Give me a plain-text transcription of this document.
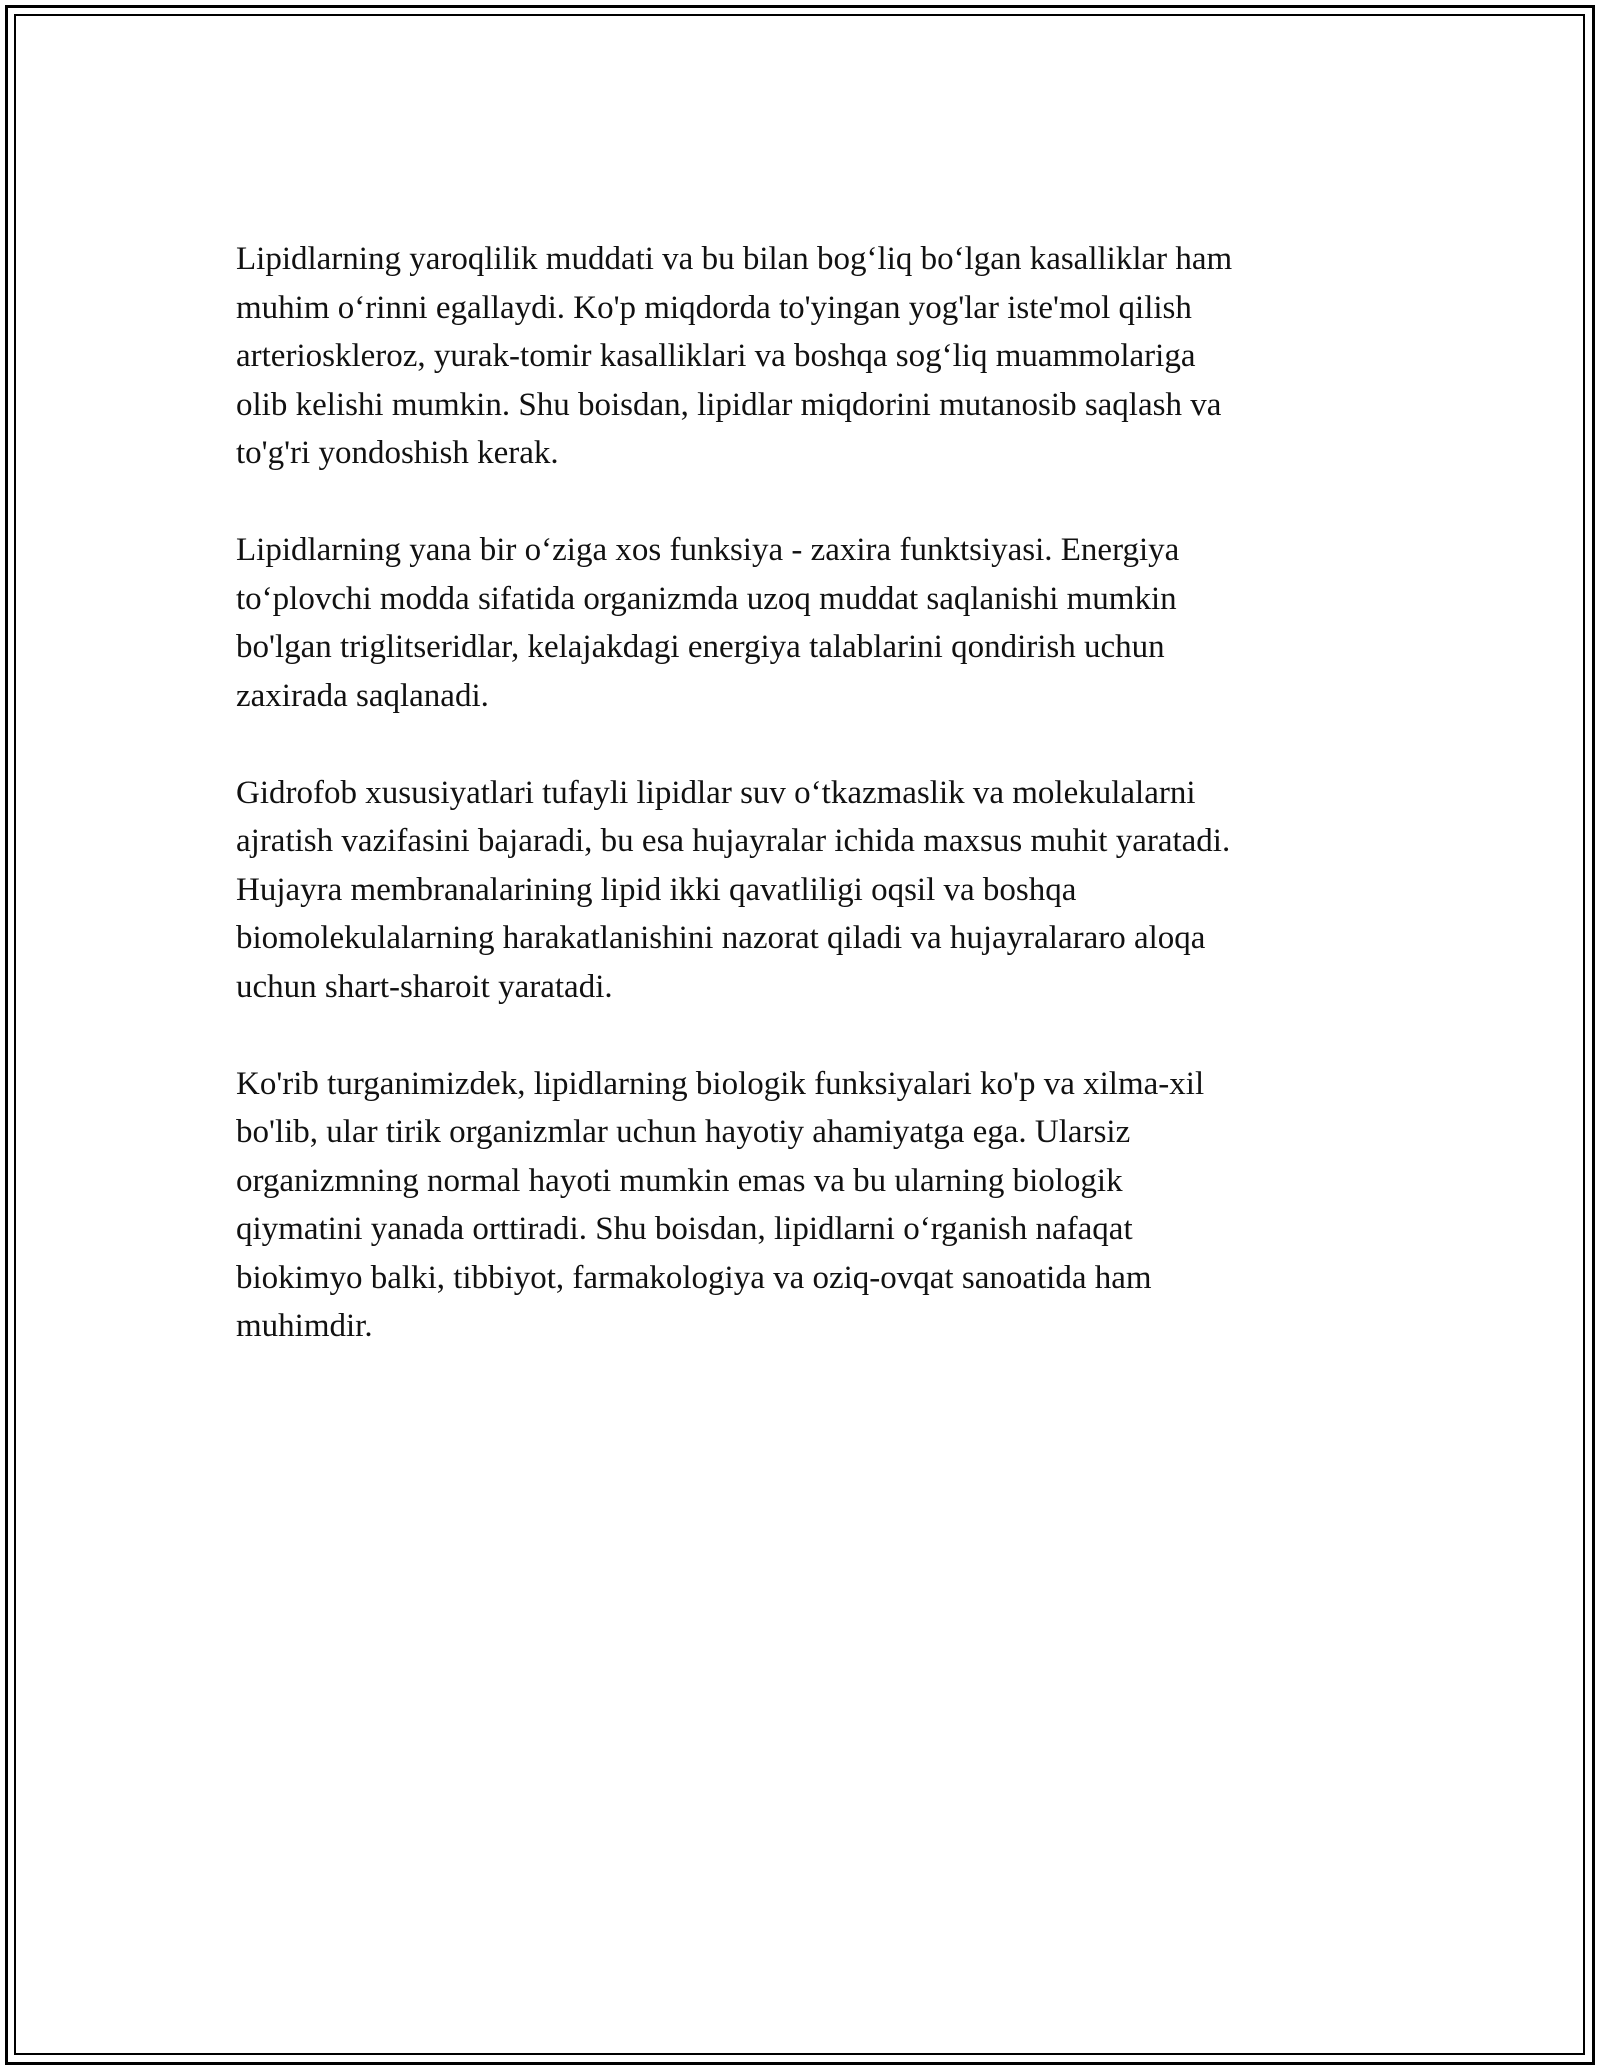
Lipidlarning yaroqlilik muddati va bu bilan bog‘liq bo‘lgan kasalliklar ham
muhim o‘rinni egallaydi. Ko'p miqdorda to'yingan yog'lar iste'mol qilish
arterioskleroz, yurak-tomir kasalliklari va boshqa sog‘liq muammolariga
olib kelishi mumkin. Shu boisdan, lipidlar miqdorini mutanosib saqlash va
to'g'ri yondoshish kerak.

Lipidlarning yana bir o‘ziga xos funksiya - zaxira funktsiyasi. Energiya
to‘plovchi modda sifatida organizmda uzoq muddat saqlanishi mumkin
bo'lgan triglitseridlar, kelajakdagi energiya talablarini qondirish uchun
zaxirada saqlanadi.

Gidrofob xususiyatlari tufayli lipidlar suv o‘tkazmaslik va molekulalarni
ajratish vazifasini bajaradi, bu esa hujayralar ichida maxsus muhit yaratadi.
Hujayra membranalarining lipid ikki qavatliligi oqsil va boshqa
biomolekulalarning harakatlanishini nazorat qiladi va hujayralararo aloqa
uchun shart-sharoit yaratadi.

Ko'rib turganimizdek, lipidlarning biologik funksiyalari ko'p va xilma-xil
bo'lib, ular tirik organizmlar uchun hayotiy ahamiyatga ega. Ularsiz
organizmning normal hayoti mumkin emas va bu ularning biologik
qiymatini yanada orttiradi. Shu boisdan, lipidlarni o‘rganish nafaqat
biokimyo balki, tibbiyot, farmakologiya va oziq-ovqat sanoatida ham
muhimdir.
